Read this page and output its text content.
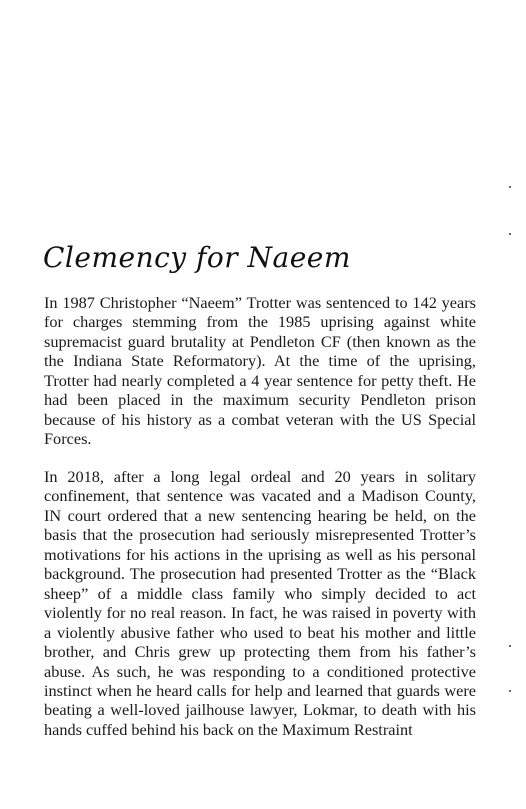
Clemency for Naeem

In 1987 Christopher “Naeem” Trotter was sentenced to 142 years for charges stemming from the 1985 uprising against white supremacist guard brutality at Pendleton CF (then known as the the Indiana State Reformatory). At the time of the uprising, Trotter had nearly completed a 4 year sentence for petty theft. He had been placed in the maximum security Pendleton prison because of his history as a combat veteran with the US Special Forces.

In 2018, after a long legal ordeal and 20 years in solitary confinement, that sentence was vacated and a Madison County, IN court ordered that a new sentencing hearing be held, on the basis that the prosecution had seriously misrepresented Trotter’s motivations for his actions in the uprising as well as his personal background. The prosecution had presented Trotter as the “Black sheep” of a middle class family who simply decided to act violently for no real reason. In fact, he was raised in poverty with a violently abusive father who used to beat his mother and little brother, and Chris grew up protecting them from his father’s abuse. As such, he was responding to a conditioned protective instinct when he heard calls for help and learned that guards were beating a well-loved jailhouse lawyer, Lokmar, to death with his hands cuffed behind his back on the Maximum Restraint
